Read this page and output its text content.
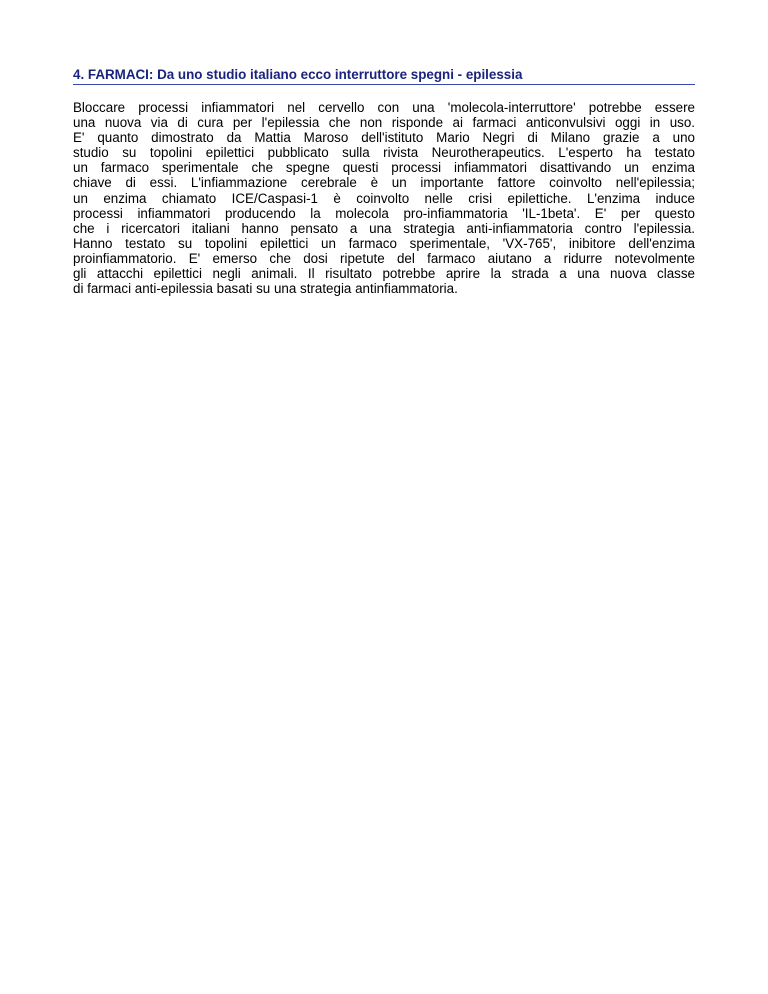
4. FARMACI: Da uno studio italiano ecco interruttore spegni - epilessia
Bloccare processi infiammatori nel cervello con una 'molecola-interruttore' potrebbe essere
una nuova via di cura per l'epilessia che non risponde ai farmaci anticonvulsivi oggi in uso.
E' quanto dimostrato da Mattia Maroso dell'istituto Mario Negri di Milano grazie a uno
studio su topolini epilettici pubblicato sulla rivista Neurotherapeutics. L'esperto ha testato
un farmaco sperimentale che spegne questi processi infiammatori disattivando un enzima
chiave di essi. L'infiammazione cerebrale è un importante fattore coinvolto nell'epilessia;
un enzima chiamato ICE/Caspasi-1 è coinvolto nelle crisi epilettiche. L'enzima induce
processi infiammatori producendo la molecola pro-infiammatoria 'IL-1beta'. E' per questo
che i ricercatori italiani hanno pensato a una strategia anti-infiammatoria contro l'epilessia.
Hanno testato su topolini epilettici un farmaco sperimentale, 'VX-765', inibitore dell'enzima
proinfiammatorio. E' emerso che dosi ripetute del farmaco aiutano a ridurre notevolmente
gli attacchi epilettici negli animali. Il risultato potrebbe aprire la strada a una nuova classe
di farmaci anti-epilessia basati su una strategia antinfiammatoria.
